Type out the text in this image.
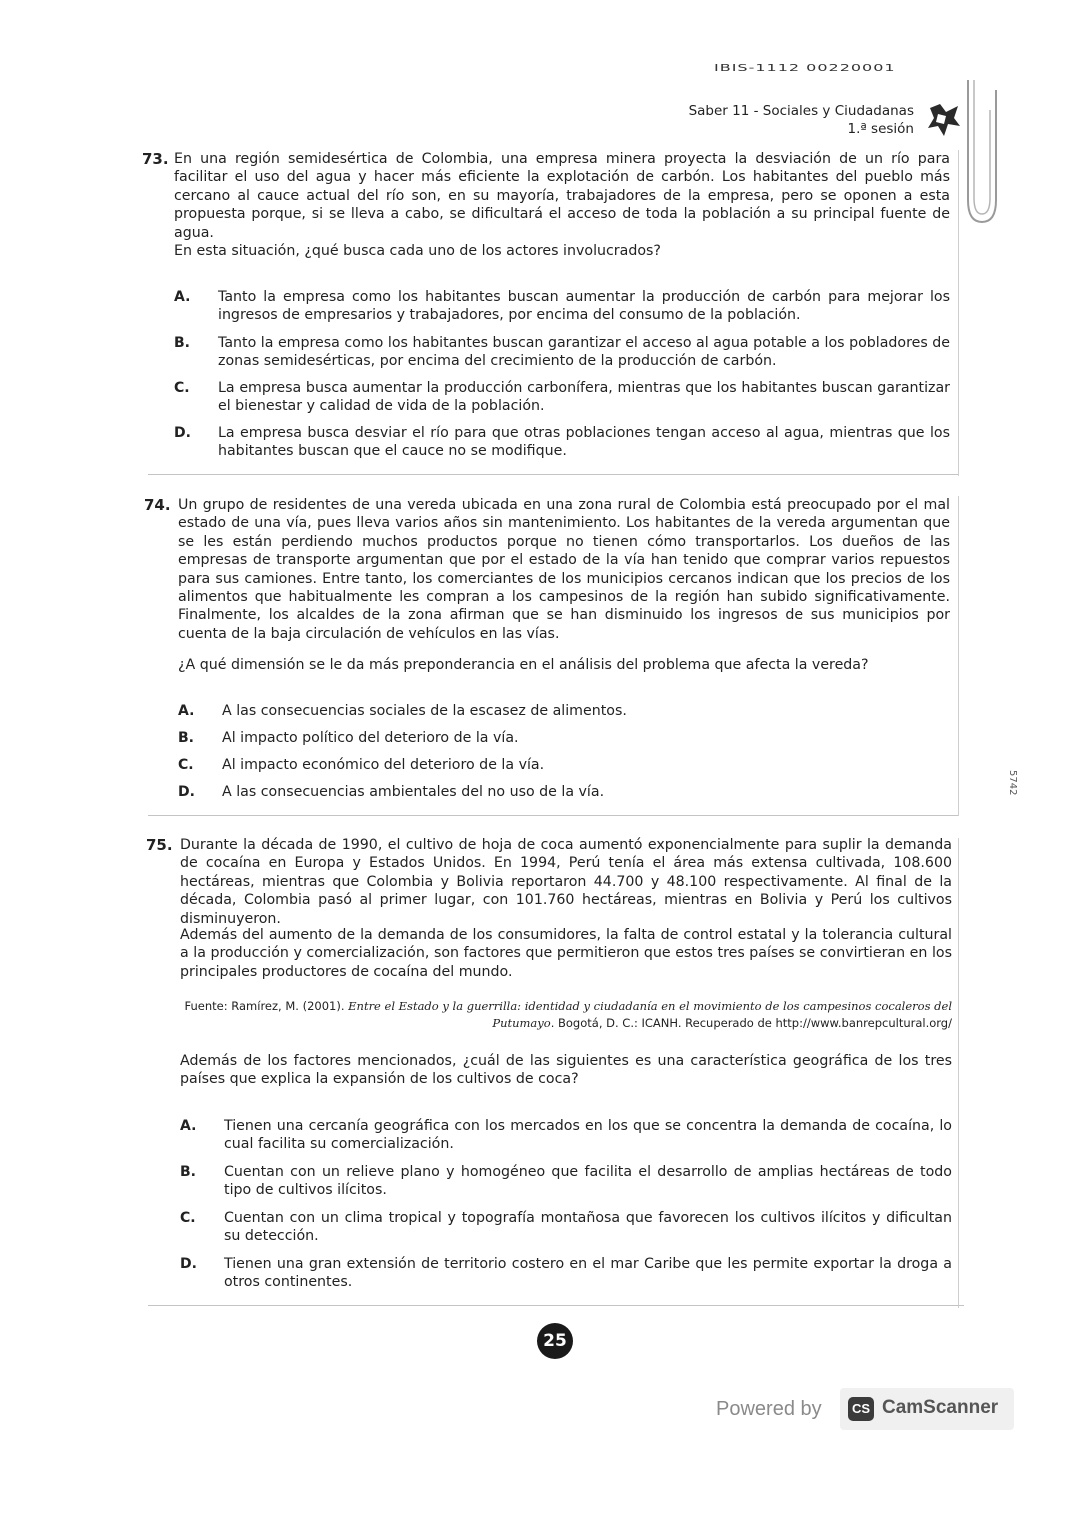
IBIS-1112 00220001
Saber 11 - Sociales y Ciudadanas
1.ª sesión
73. En una región semidesértica de Colombia, una empresa minera proyecta la desviación de un río para facilitar el uso del agua y hacer más eficiente la explotación de carbón. Los habitantes del pueblo más cercano al cauce actual del río son, en su mayoría, trabajadores de la empresa, pero se oponen a esta propuesta porque, si se lleva a cabo, se dificultará el acceso de toda la población a su principal fuente de agua.

En esta situación, ¿qué busca cada uno de los actores involucrados?

A. Tanto la empresa como los habitantes buscan aumentar la producción de carbón para mejorar los ingresos de empresarios y trabajadores, por encima del consumo de la población.
B. Tanto la empresa como los habitantes buscan garantizar el acceso al agua potable a los pobladores de zonas semidesérticas, por encima del crecimiento de la producción de carbón.
C. La empresa busca aumentar la producción carbonífera, mientras que los habitantes buscan garantizar el bienestar y calidad de vida de la población.
D. La empresa busca desviar el río para que otras poblaciones tengan acceso al agua, mientras que los habitantes buscan que el cauce no se modifique.
74. Un grupo de residentes de una vereda ubicada en una zona rural de Colombia está preocupado por el mal estado de una vía, pues lleva varios años sin mantenimiento. Los habitantes de la vereda argumentan que se les están perdiendo muchos productos porque no tienen cómo transportarlos. Los dueños de las empresas de transporte argumentan que por el estado de la vía han tenido que comprar varios repuestos para sus camiones. Entre tanto, los comerciantes de los municipios cercanos indican que los precios de los alimentos que habitualmente les compran a los campesinos de la región han subido significativamente. Finalmente, los alcaldes de la zona afirman que se han disminuido los ingresos de sus municipios por cuenta de la baja circulación de vehículos en las vías.

¿A qué dimensión se le da más preponderancia en el análisis del problema que afecta la vereda?

A. A las consecuencias sociales de la escasez de alimentos.
B. Al impacto político del deterioro de la vía.
C. Al impacto económico del deterioro de la vía.
D. A las consecuencias ambientales del no uso de la vía.
75. Durante la década de 1990, el cultivo de hoja de coca aumentó exponencialmente para suplir la demanda de cocaína en Europa y Estados Unidos. En 1994, Perú tenía el área más extensa cultivada, 108.600 hectáreas, mientras que Colombia y Bolivia reportaron 44.700 y 48.100 respectivamente. Al final de la década, Colombia pasó al primer lugar, con 101.760 hectáreas, mientras en Bolivia y Perú los cultivos disminuyeron.

Además del aumento de la demanda de los consumidores, la falta de control estatal y la tolerancia cultural a la producción y comercialización, son factores que permitieron que estos tres países se convirtieran en los principales productores de cocaína del mundo.

Fuente: Ramírez, M. (2001). Entre el Estado y la guerrilla: identidad y ciudadanía en el movimiento de los campesinos cocaleros del Putumayo. Bogotá, D. C.: ICANH. Recuperado de http://www.banrepcultural.org/

Además de los factores mencionados, ¿cuál de las siguientes es una característica geográfica de los tres países que explica la expansión de los cultivos de coca?

A. Tienen una cercanía geográfica con los mercados en los que se concentra la demanda de cocaína, lo cual facilita su comercialización.
B. Cuentan con un relieve plano y homogéneo que facilita el desarrollo de amplias hectáreas de todo tipo de cultivos ilícitos.
C. Cuentan con un clima tropical y topografía montañosa que favorecen los cultivos ilícitos y dificultan su detección.
D. Tienen una gran extensión de territorio costero en el mar Caribe que les permite exportar la droga a otros continentes.
25
5742
Powered by	CS CamScanner
